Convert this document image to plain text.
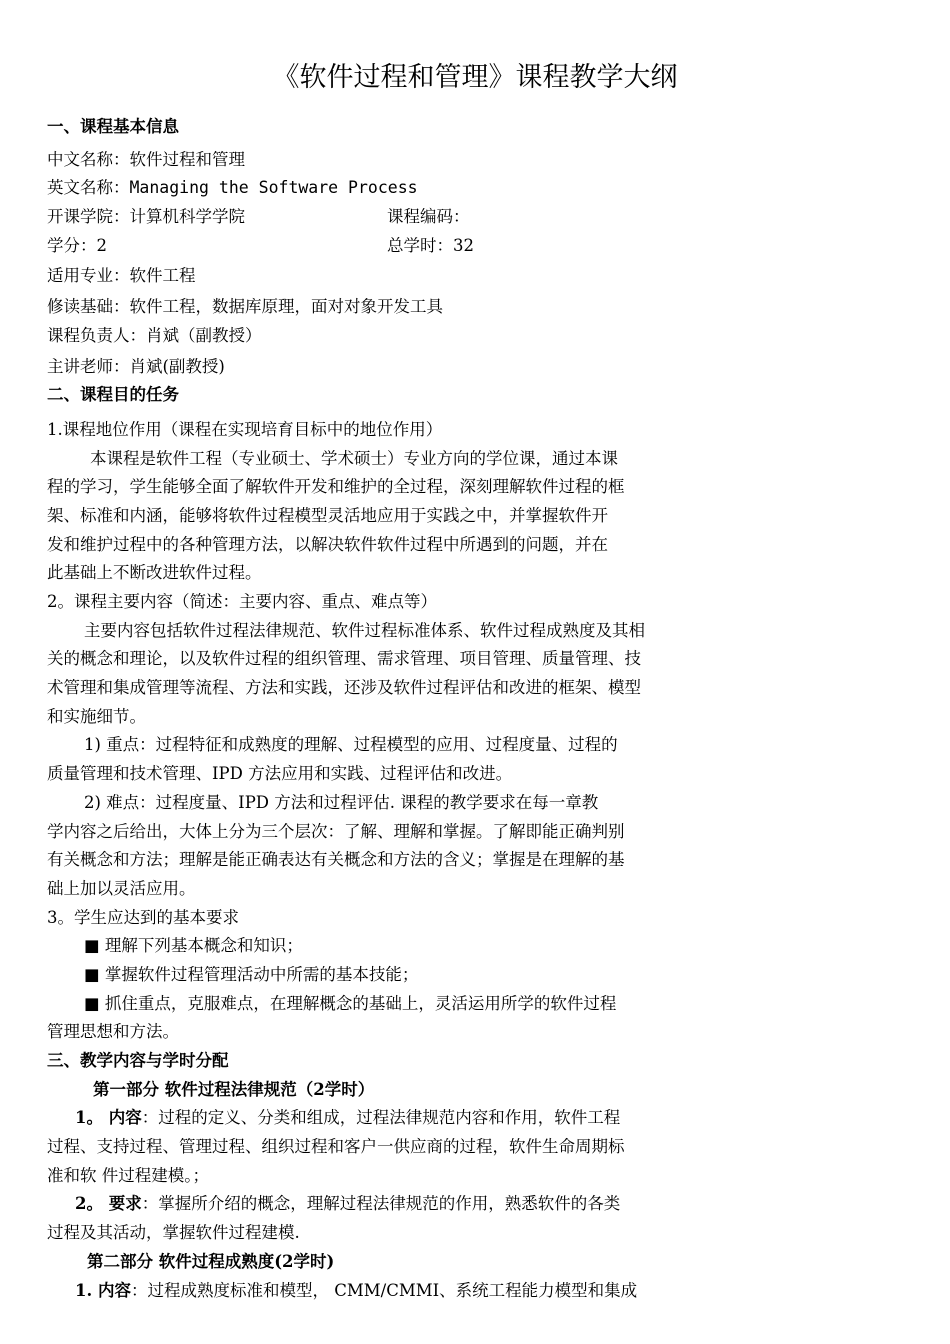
《软件过程和管理》课程教学大纲
一、课程基本信息
中文名称：软件过程和管理
英文名称：Managing the Software Process
开课学院：计算机科学学院	课程编码：
学分：2	总学时：32
适用专业：软件工程
修读基础：软件工程，数据库原理，面对对象开发工具
课程负责人：肖斌（副教授）
主讲老师：肖斌(副教授)
二、课程目的任务
1.课程地位作用（课程在实现培育目标中的地位作用）
本课程是软件工程（专业硕士、学术硕士）专业方向的学位课，通过本课
程的学习，学生能够全面了解软件开发和维护的全过程，深刻理解软件过程的框
架、标准和内涵，能够将软件过程模型灵活地应用于实践之中，并掌握软件开
发和维护过程中的各种管理方法，以解决软件软件过程中所遇到的问题，并在
此基础上不断改进软件过程。
2。课程主要内容（简述：主要内容、重点、难点等）
主要内容包括软件过程法律规范、软件过程标准体系、软件过程成熟度及其相
关的概念和理论，以及软件过程的组织管理、需求管理、项目管理、质量管理、技
术管理和集成管理等流程、方法和实践，还涉及软件过程评估和改进的框架、模型
和实施细节。
1) 重点：过程特征和成熟度的理解、过程模型的应用、过程度量、过程的
质量管理和技术管理、IPD 方法应用和实践、过程评估和改进。
2) 难点：过程度量、IPD 方法和过程评估. 课程的教学要求在每一章教
学内容之后给出，大体上分为三个层次：了解、理解和掌握。了解即能正确判别
有关概念和方法；理解是能正确表达有关概念和方法的含义；掌握是在理解的基
础上加以灵活应用。
3。学生应达到的基本要求
■ 理解下列基本概念和知识；
■ 掌握软件过程管理活动中所需的基本技能；
■ 抓住重点，克服难点，在理解概念的基础上，灵活运用所学的软件过程
管理思想和方法。
三、教学内容与学时分配
第一部分 软件过程法律规范（2学时）
1。 内容：过程的定义、分类和组成，过程法律规范内容和作用，软件工程
过程、支持过程、管理过程、组织过程和客户一供应商的过程，软件生命周期标
准和软 件过程建模。；
2。 要求：掌握所介绍的概念，理解过程法律规范的作用，熟悉软件的各类
过程及其活动，掌握软件过程建模.
第二部分 软件过程成熟度(2学时)
1. 内容：过程成熟度标准和模型， CMM/CMMI、系统工程能力模型和集成
